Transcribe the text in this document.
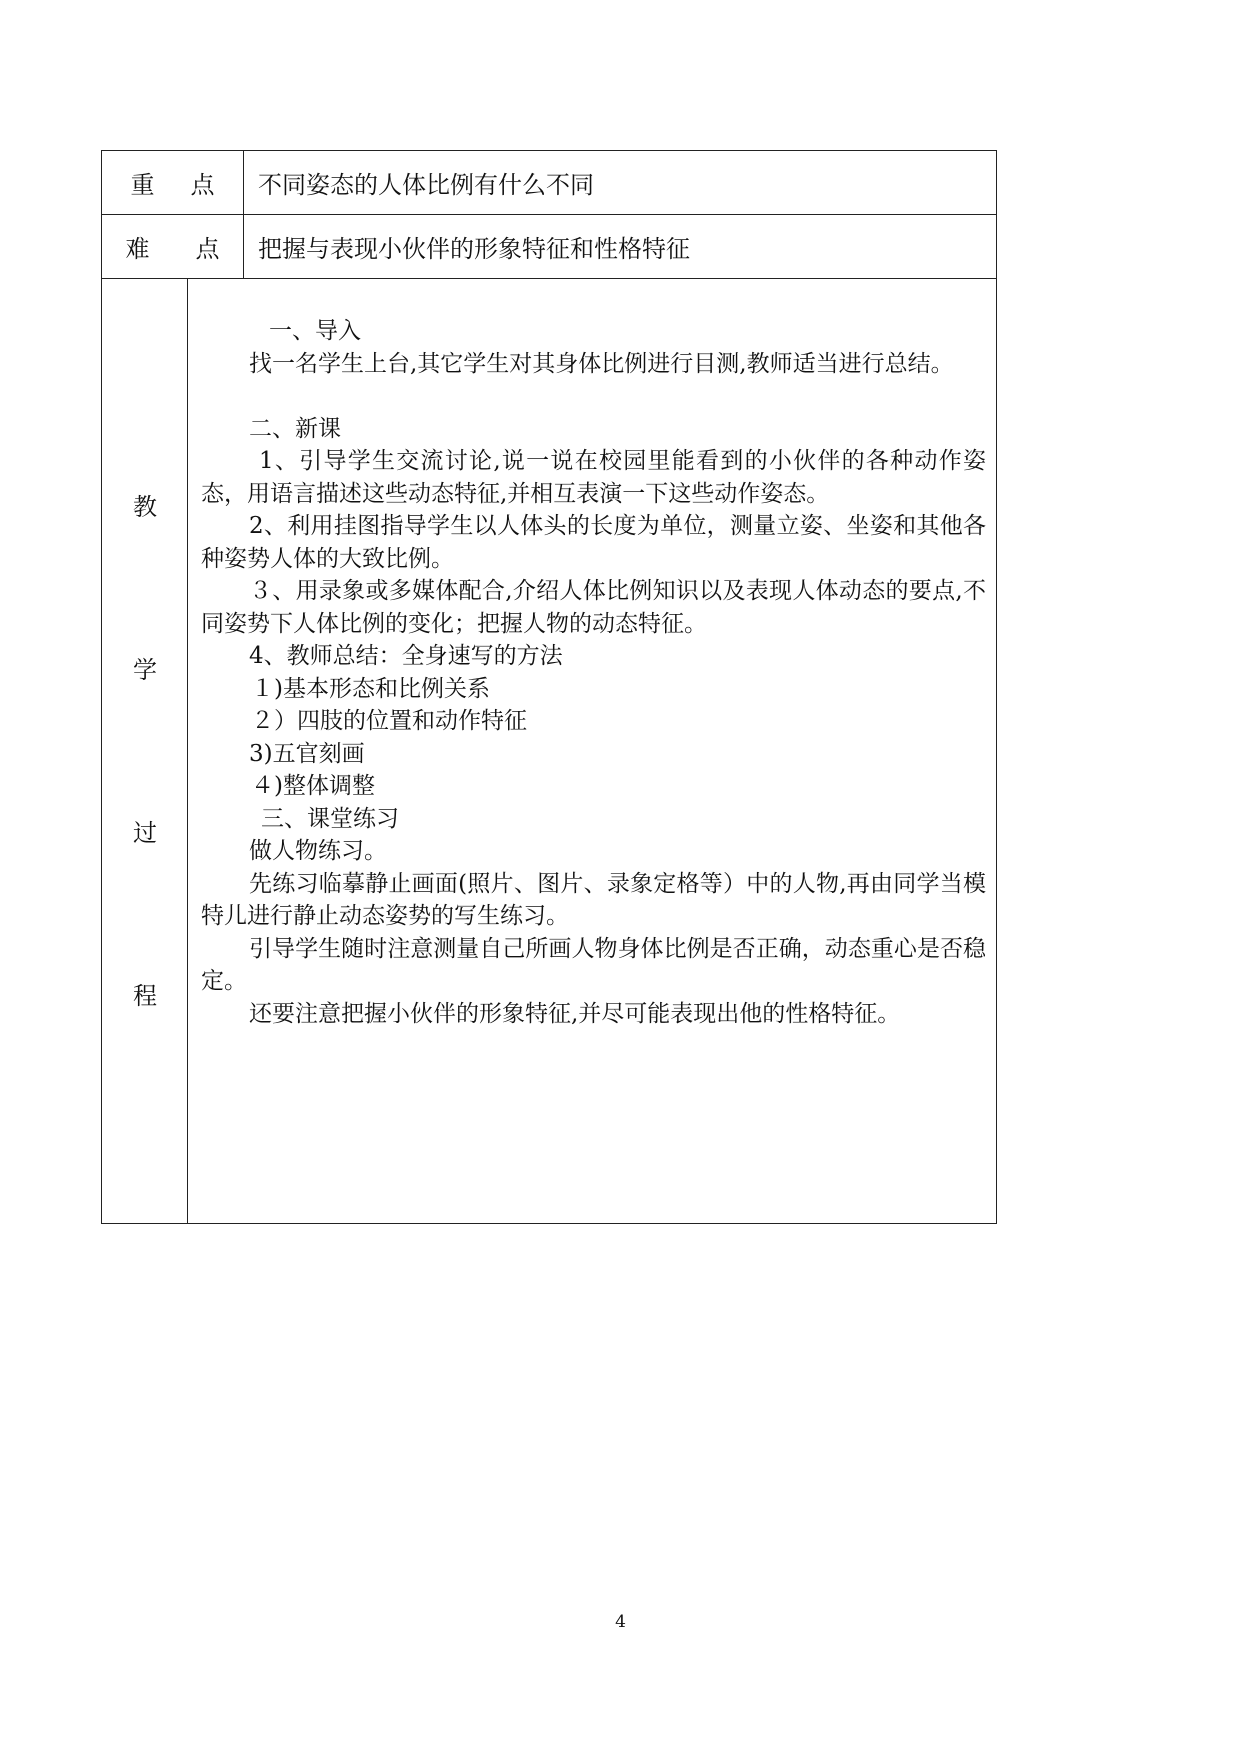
重 点	不同姿态的人体比例有什么不同
难 点	把握与表现小伙伴的形象特征和性格特征
教
学
过
程

一、导入

找一名学生上台,其它学生对其身体比例进行目测,教师适当进行总结。

二、新课

1、引导学生交流讨论,说一说在校园里能看到的小伙伴的各种动作姿态，用语言描述这些动态特征,并相互表演一下这些动作姿态。

2、利用挂图指导学生以人体头的长度为单位，测量立姿、坐姿和其他各种姿势人体的大致比例。

３、用录象或多媒体配合,介绍人体比例知识以及表现人体动态的要点,不同姿势下人体比例的变化；把握人物的动态特征。

4、教师总结：全身速写的方法

１)基本形态和比例关系

２）四肢的位置和动作特征

3)五官刻画

４)整体调整

三、课堂练习

做人物练习。

先练习临摹静止画面(照片、图片、录象定格等）中的人物,再由同学当模特儿进行静止动态姿势的写生练习。

引导学生随时注意测量自己所画人物身体比例是否正确，动态重心是否稳定。

还要注意把握小伙伴的形象特征,并尽可能表现出他的性格特征。

4
